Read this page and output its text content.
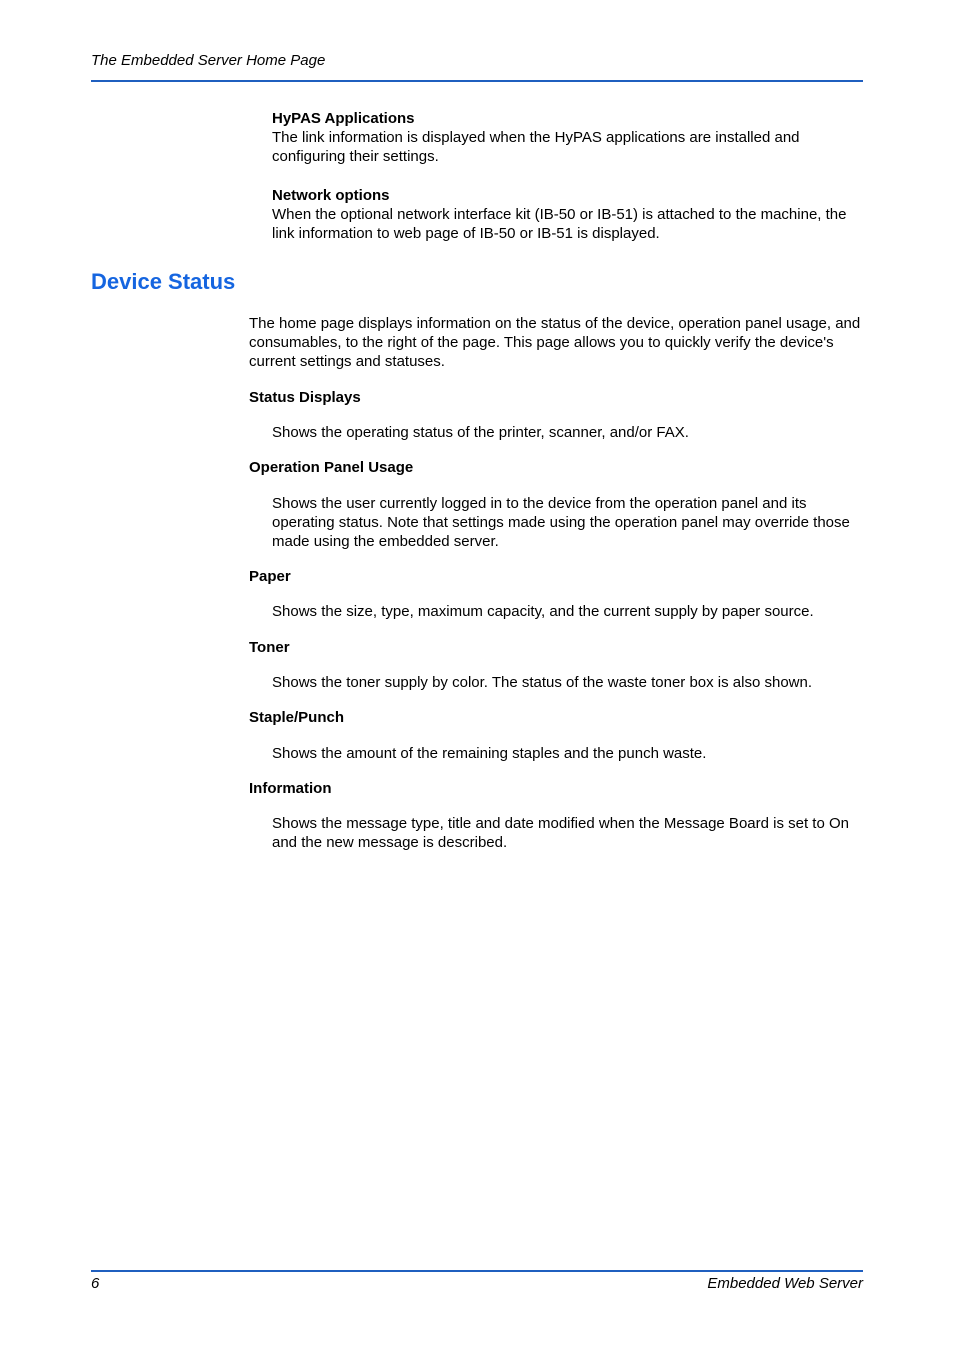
The Embedded Server Home Page
HyPAS Applications

The link information is displayed when the HyPAS applications are installed and configuring their settings.

Network options

When the optional network interface kit (IB-50 or IB-51) is attached to the machine, the link information to web page of IB-50 or IB-51 is displayed.

Device Status

The home page displays information on the status of the device, operation panel usage, and consumables, to the right of the page. This page allows you to quickly verify the device's current settings and statuses.

Status Displays

Shows the operating status of the printer, scanner, and/or FAX.

Operation Panel Usage

Shows the user currently logged in to the device from the operation panel and its operating status. Note that settings made using the operation panel may override those made using the embedded server.

Paper

Shows the size, type, maximum capacity, and the current supply by paper source.

Toner

Shows the toner supply by color. The status of the waste toner box is also shown.

Staple/Punch

Shows the amount of the remaining staples and the punch waste.

Information

Shows the message type, title and date modified when the Message Board is set to On and the new message is described.

6	Embedded Web Server
